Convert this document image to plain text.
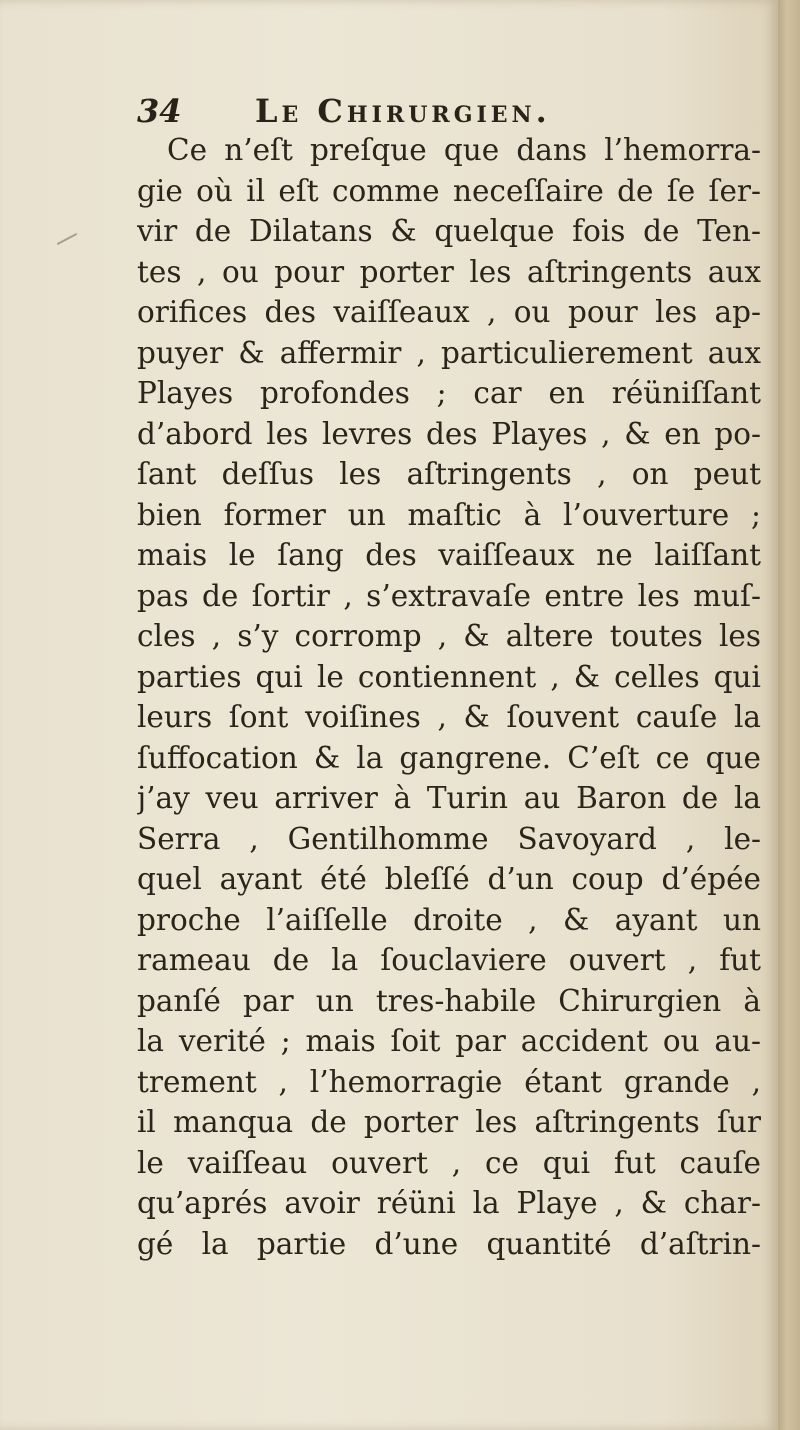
34 Le Chirurgien.
Ce n’eſt preſque que dans l’hemorra-
gie où il eſt comme neceſſaire de ſe ſer-
vir de Dilatans & quelque fois de Ten-
tes , ou pour porter les aſtringents aux
orifices des vaiſſeaux , ou pour les ap-
puyer & affermir , particulierement aux
Playes profondes ; car en réüniſſant
d’abord les levres des Playes , & en po-
ſant deſſus les aſtringents , on peut
bien former un maſtic à l’ouverture ;
mais le ſang des vaiſſeaux ne laiſſant
pas de ſortir , s’extravaſe entre les muſ-
cles , s’y corromp , & altere toutes les
parties qui le contiennent , & celles qui
leurs ſont voiſines , & ſouvent cauſe la
ſuffocation & la gangrene. C’eſt ce que
j’ay veu arriver à Turin au Baron de la
Serra , Gentilhomme Savoyard , le-
quel ayant été bleſſé d’un coup d’épée
proche l’aiſſelle droite , & ayant un
rameau de la ſouclaviere ouvert , fut
panſé par un tres-habile Chirurgien à
la verité ; mais ſoit par accident ou au-
trement , l’hemorragie étant grande ,
il manqua de porter les aſtringents ſur
le vaiſſeau ouvert , ce qui fut cauſe
qu’aprés avoir réüni la Playe , & char-
gé la partie d’une quantité d’aſtrin-
